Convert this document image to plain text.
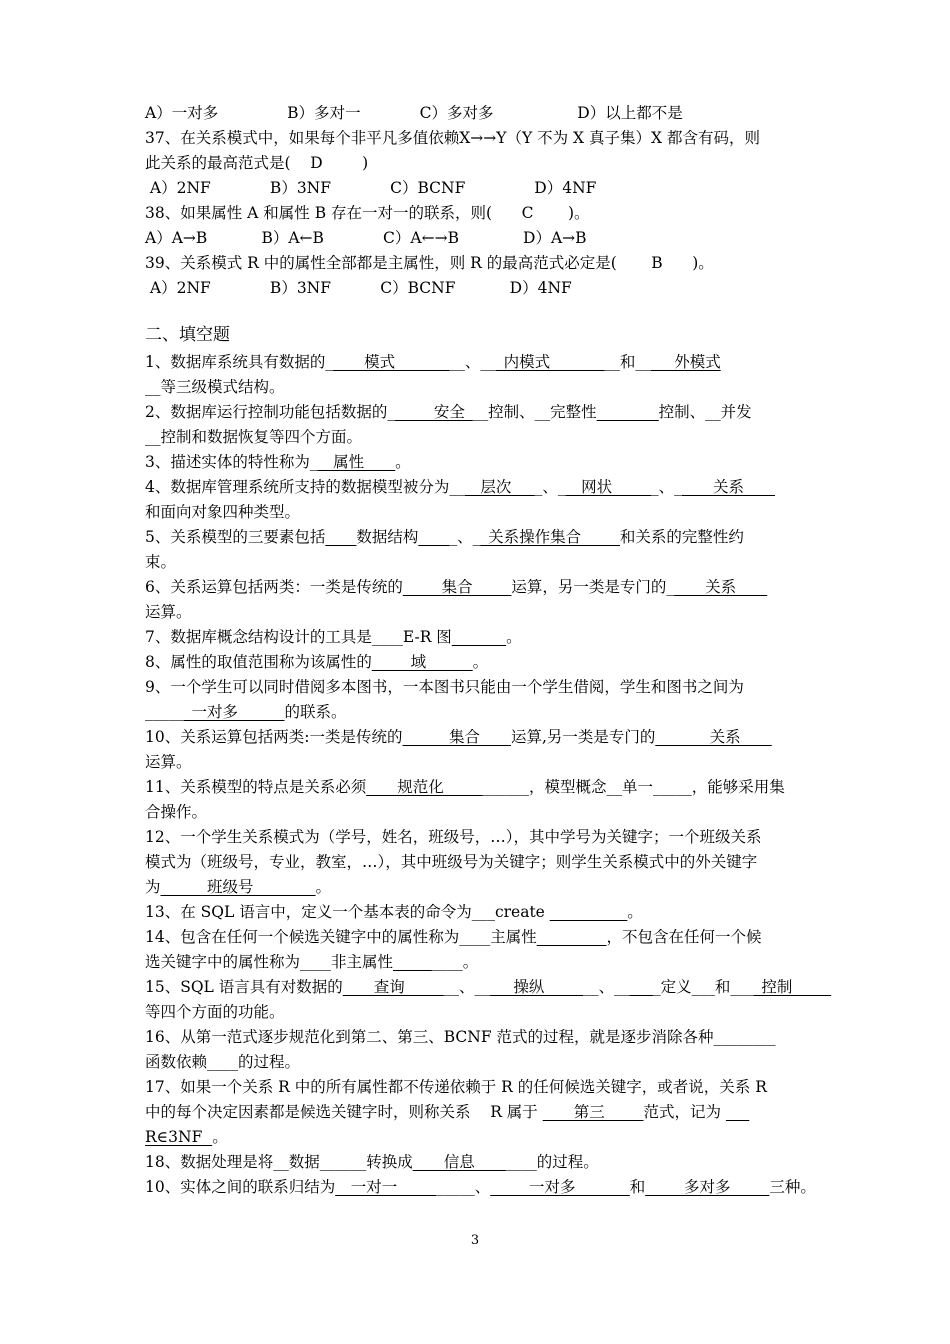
A）一对多              B）多对一            C）多对多                 D）以上都不是
37、在关系模式中，如果每个非平凡多值依赖X→→Y（Y 不为 X 真子集）X 都含有码，则
此关系的最高范式是(    D        )
A）2NF            B）3NF            C）BCNF              D）4NF
38、如果属性 A 和属性 B 存在一对一的联系，则(      C       )。
A）A→B           B）A←B            C）A←→B             D）A→B
39、关系模式 R 中的属性全部都是主属性，则 R 的最高范式必定是(       B      )。
A）2NF            B）3NF          C）BCNF           D）4NF
二、填空题
1、数据库系统具有数据的_____模式_________、___内模式_________和_____外模式
__等三级模式结构。
2、数据库运行控制功能包括数据的______安全___控制、__完整性________控制、__并发
__控制和数据恢复等四个方面。
3、描述实体的特性称为___属性____。
4、数据库管理系统所支持的数据模型被分为____层次____、___网状______、_____关系____
和面向对象四种类型。
5、关系模型的三要素包括____数据结构_____、__关系操作集合_____和关系的完整性约
束。
6、关系运算包括两类：一类是传统的_____集合_____运算，另一类是专门的_____关系____
运算。
7、数据库概念结构设计的工具是____E-R 图_______。
8、属性的取值范围称为该属性的_____域______。
9、一个学生可以同时借阅多本图书，一本图书只能由一个学生借阅，学生和图书之间为
______一对多______的联系。
10、关系运算包括两类:一类是传统的______集合____运算,另一类是专门的_______关系____
运算。
11、关系模型的特点是关系必须____规范化___________，模型概念__单一_____，能够采用集
合操作。
12、一个学生关系模式为（学号，姓名，班级号，…），其中学号为关键字；一个班级关系
模式为（班级号，专业，教室，…），其中班级号为关键字；则学生关系模式中的外关键字
为______班级号________。
13、在 SQL 语言中，定义一个基本表的命令为___create __________。
14、包含在任何一个候选关键字中的属性称为____主属性_________，不包含在任何一个候
选关键字中的属性称为____非主属性_________。
15、SQL 语言具有对数据的____查询_______、_____操纵_______、______定义___和____控制_____
等四个方面的功能。
16、从第一范式逐步规范化到第二、第三、BCNF 范式的过程，就是逐步消除各种________
函数依赖____的过程。
17、如果一个关系 R 中的所有属性都不传递依赖于 R 的任何候选关键字，或者说，关系 R
中的每个决定因素都是候选关键字时，则称关系    R 属于 ____第三_____范式，记为 ___
R∈3NF  。
18、数据处理是将__数据______转换成____信息________的过程。
10、实体之间的联系归结为__一对一__________、_____一对多_______和_____多对多_____三种。
3
